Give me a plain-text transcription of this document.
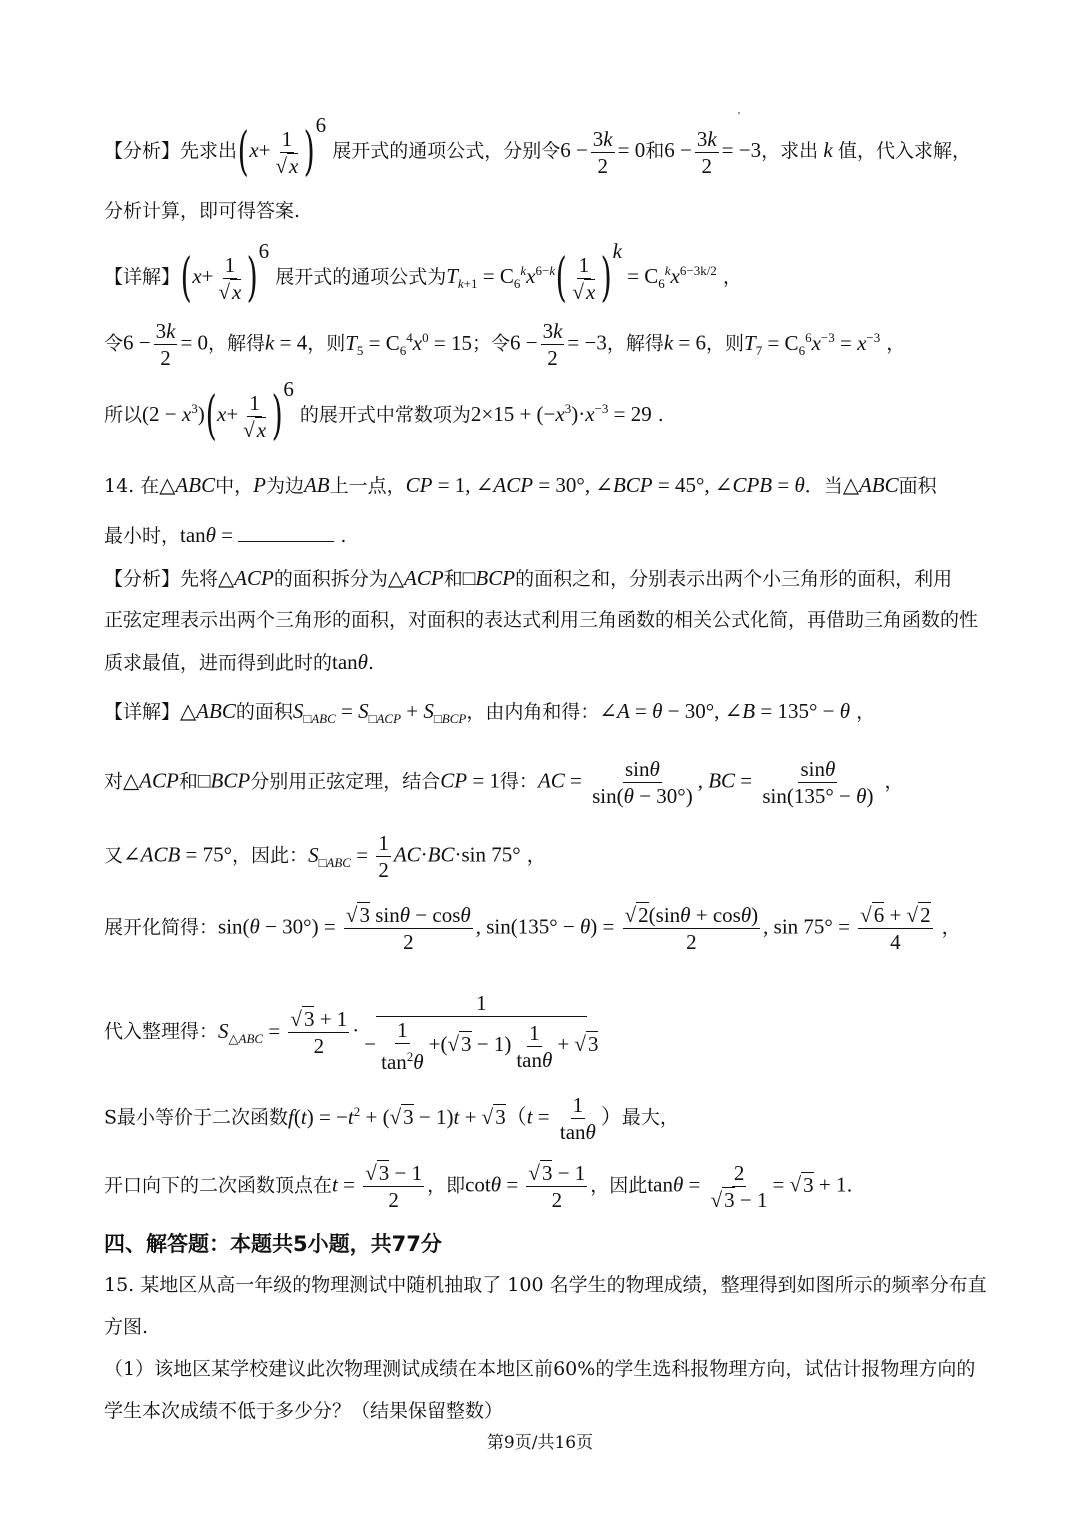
【分析】先求出$(x+ \frac{1}{√x} )^6$ 展开式的通项公式，分别令$6 - \frac{3k}{2} = 0$和$6 - \frac{3k}{2} = -3$，求出 k 值，代入求解，
分析计算，即可得答案.
【详解】$(x+ \frac{1}{√x} )^6$ 展开式的通项公式为$T_{k+1} = C_6^kx^{6-k}( \frac{1}{√x} )^k = C_6^kx^{6-3k/2}$ ，
令$6 - \frac{3k}{2} = 0$，解得k = 4，则$T_5 = C_6^4x^0 = 15$；令$6 - \frac{3k}{2} = -3$，解得k = 6，则$T_7 = C_6^6x^{-3} = x^{-3}$ ，
所以$(2 - x^3)(x+ \frac{1}{√x} )^6$ 的展开式中常数项为$2\times 15 + (-x^3)\cdot x^{-3} = 29$ .
14. 在△ABC中，P为边AB上一点，CP = 1, ∠ACP = 30°, ∠BCP = 45°, ∠CPB = θ．当△ABC面积
最小时，tanθ =	.
【分析】先将△ACP的面积拆分为△ACP和□BCP的面积之和，分别表示出两个小三角形的面积，利用
正弦定理表示出两个三角形的面积，对面积的表达式利用三角函数的相关公式化简，再借助三角函数的性
质求最值，进而得到此时的tanθ.
【详解】△ABC的面积$S_{□ABC} = S_{□ACP} + S_{□BCP}$，由内角和得：∠A = θ − 30°, ∠B = 135° − θ ，
对△ACP和□BCP分别用正弦定理，结合CP = 1得：AC = $\frac{\sin\theta}{\sin(\theta - 30^\circ)}$ , BC = $\frac{\sin\theta}{\sin(135^\circ - \theta)}$ ，
又∠ACB = 75°，因此：$S_{□ABC} = \frac{1}{2} AC\cdot BC\cdot\sin$ 75° ，
展开化简得：$\sin(\theta - 30^\circ) = \frac{√3 \sin\theta - \cos\theta}{2}$ , $\sin(135^\circ - \theta) = \frac{√2(\sin\theta + \cos\theta)}{2}$ , $\sin 75^\circ = \frac{√6 + √2}{4}$ ，
代入整理得：$S_{\triangle ABC} = \frac{√3 + 1}{2} \cdot \frac{1}{- \frac{1}{\tan^2\theta} +(√3 - 1) \frac{1}{\tan\theta} + √3}$
S最小等价于二次函数$f(t) = -t^2 + (√3 - 1)t + √3(t = \frac{1}{\tan\theta}$ ）最大，
开口向下的二次函数顶点在$t = \frac{√3 - 1}{2}$ ，即$\cot\theta = \frac{√3 - 1}{2}$ ，因此$\tan\theta = \frac{2}{√3 - 1} = √3 + 1$.
四、解答题：本题共5小题，共77分
15. 某地区从高一年级的物理测试中随机抽取了 100 名学生的物理成绩，整理得到如图所示的频率分布直
方图.
（1）该地区某学校建议此次物理测试成绩在本地区前60%的学生选科报物理方向，试估计报物理方向的
学生本次成绩不低于多少分？（结果保留整数）
第9页/共16页
